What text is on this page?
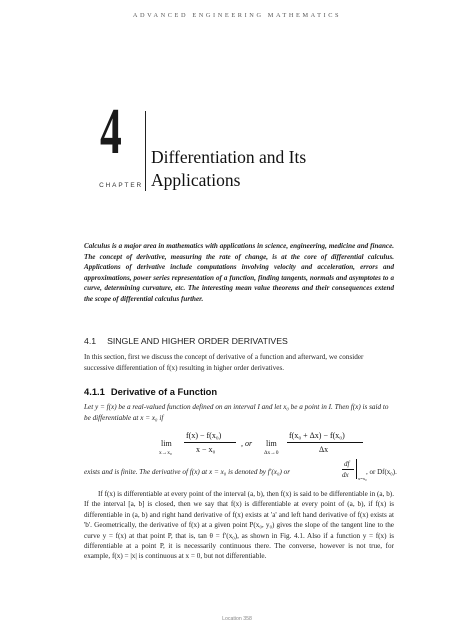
ADVANCED ENGINEERING MATHEMATICS
4
CHAPTER
Differentiation and Its
Applications
Calculus is a major area in mathematics with applications in science, engineering, medicine and finance. The concept of derivative, measuring the rate of change, is at the core of differential calculus. Applications of derivative include computations involving velocity and acceleration, errors and approximations, power series representation of a function, finding tangents, normals and asymptotes to a curve, determining curvature, etc. The interesting mean value theorems and their consequences extend the scope of differential calculus further.
4.1 SINGLE AND HIGHER ORDER DERIVATIVES
In this section, first we discuss the concept of derivative of a function and afterward, we consider successive differentiation of f(x) resulting in higher order derivatives.
4.1.1 Derivative of a Function
Let y = f(x) be a real-valued function defined on an interval I and let x₀ be a point in I. Then f(x) is said to be differentiable at x = x₀ if
lim
x→x₀
f(x) − f(x₀)
x − x₀
, or lim
Δx→0
f(x₀ + Δx) − f(x₀)
Δx
exists and is finite. The derivative of f(x) at x = x₀ is denoted by f′(x₀) or
df
dx x=x₀
, or Df(x₀).
If f(x) is differentiable at every point of the interval (a, b), then f(x) is said to be differentiable in (a, b). If the interval [a, b] is closed, then we say that f(x) is differentiable at every point of (a, b), if f(x) is differentiable in (a, b) and right hand derivative of f(x) exists at 'a' and left hand derivative of f(x) exists at 'b'. Geometrically, the derivative of f(x) at a given point P(x₀, y₀) gives the slope of the tangent line to the curve y = f(x) at that point P, that is, tan θ = f′(x₀), as shown in Fig. 4.1. Also if a function y = f(x) is differentiable at a point P, it is necessarily continuous there. The converse, however is not true, for example, f(x) = |x| is continuous at x = 0, but not differentiable.
Location 358
